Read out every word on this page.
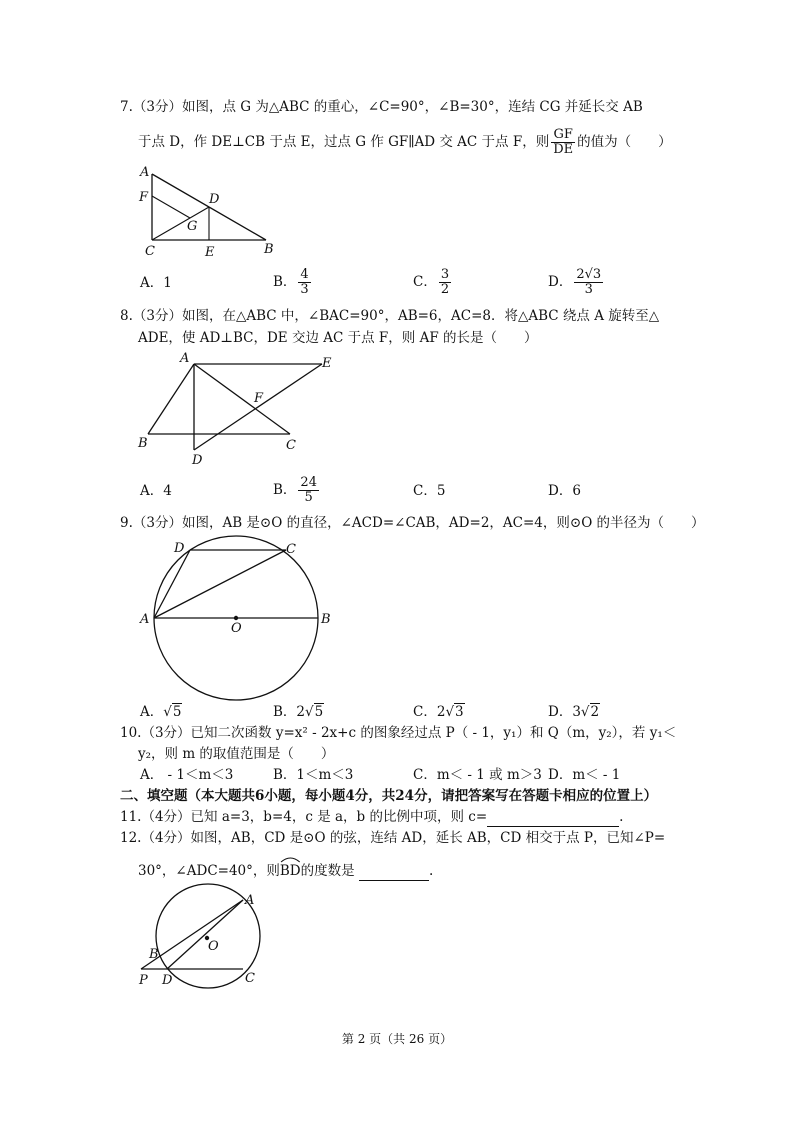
7.（3分）如图，点 G 为△ABC 的重心，∠C=90°，∠B=30°，连结 CG 并延长交 AB
于点 D，作 DE⊥CB 于点 E，过点 G 作 GF∥AD 交 AC 于点 F，则 $\frac{GF}{DE}$ 的值为（　　）
A
F	D
G
C	E	B
A．1	B． $\frac{4}{3}$	C． $\frac{3}{2}$	D． $\frac{2√3}{3}$
8.（3分）如图，在△ABC 中，∠BAC=90°，AB=6，AC=8．将△ABC 绕点 A 旋转至△
ADE，使 AD⊥BC，DE 交边 AC 于点 F，则 AF 的长是（　　）
A	E
F
B	C
D
A．4	B． $\frac{24}{5}$	C．5	D．6
9.（3分）如图，AB 是⊙O 的直径，∠ACD=∠CAB，AD=2，AC=4，则⊙O 的半径为（　　）
D	C
A
O
B
A．√5	B．2√5	C．2√3	D．3√2
10.（3分）已知二次函数 y=x² - 2x+c 的图象经过点 P（ - 1，y₁）和 Q（m，y₂），若 y₁＜
y₂，则 m 的取值范围是（　　）
A． - 1＜m＜3	B．1＜m＜3	C．m＜ - 1 或 m＞3 D．m＜ - 1
二、填空题（本大题共6小题，每小题4分，共24分，请把答案写在答题卡相应的位置上）
11.（4分）已知 a=3，b=4，c 是 a，b 的比例中项，则 c=	.
12.（4分）如图，AB，CD 是⊙O 的弦，连结 AD，延长 AB，CD 相交于点 P，已知∠P=
30°，∠ADC=40°，则
BD的度数是	.
A
O
B
P D	C
第 2 页（共 26 页）
